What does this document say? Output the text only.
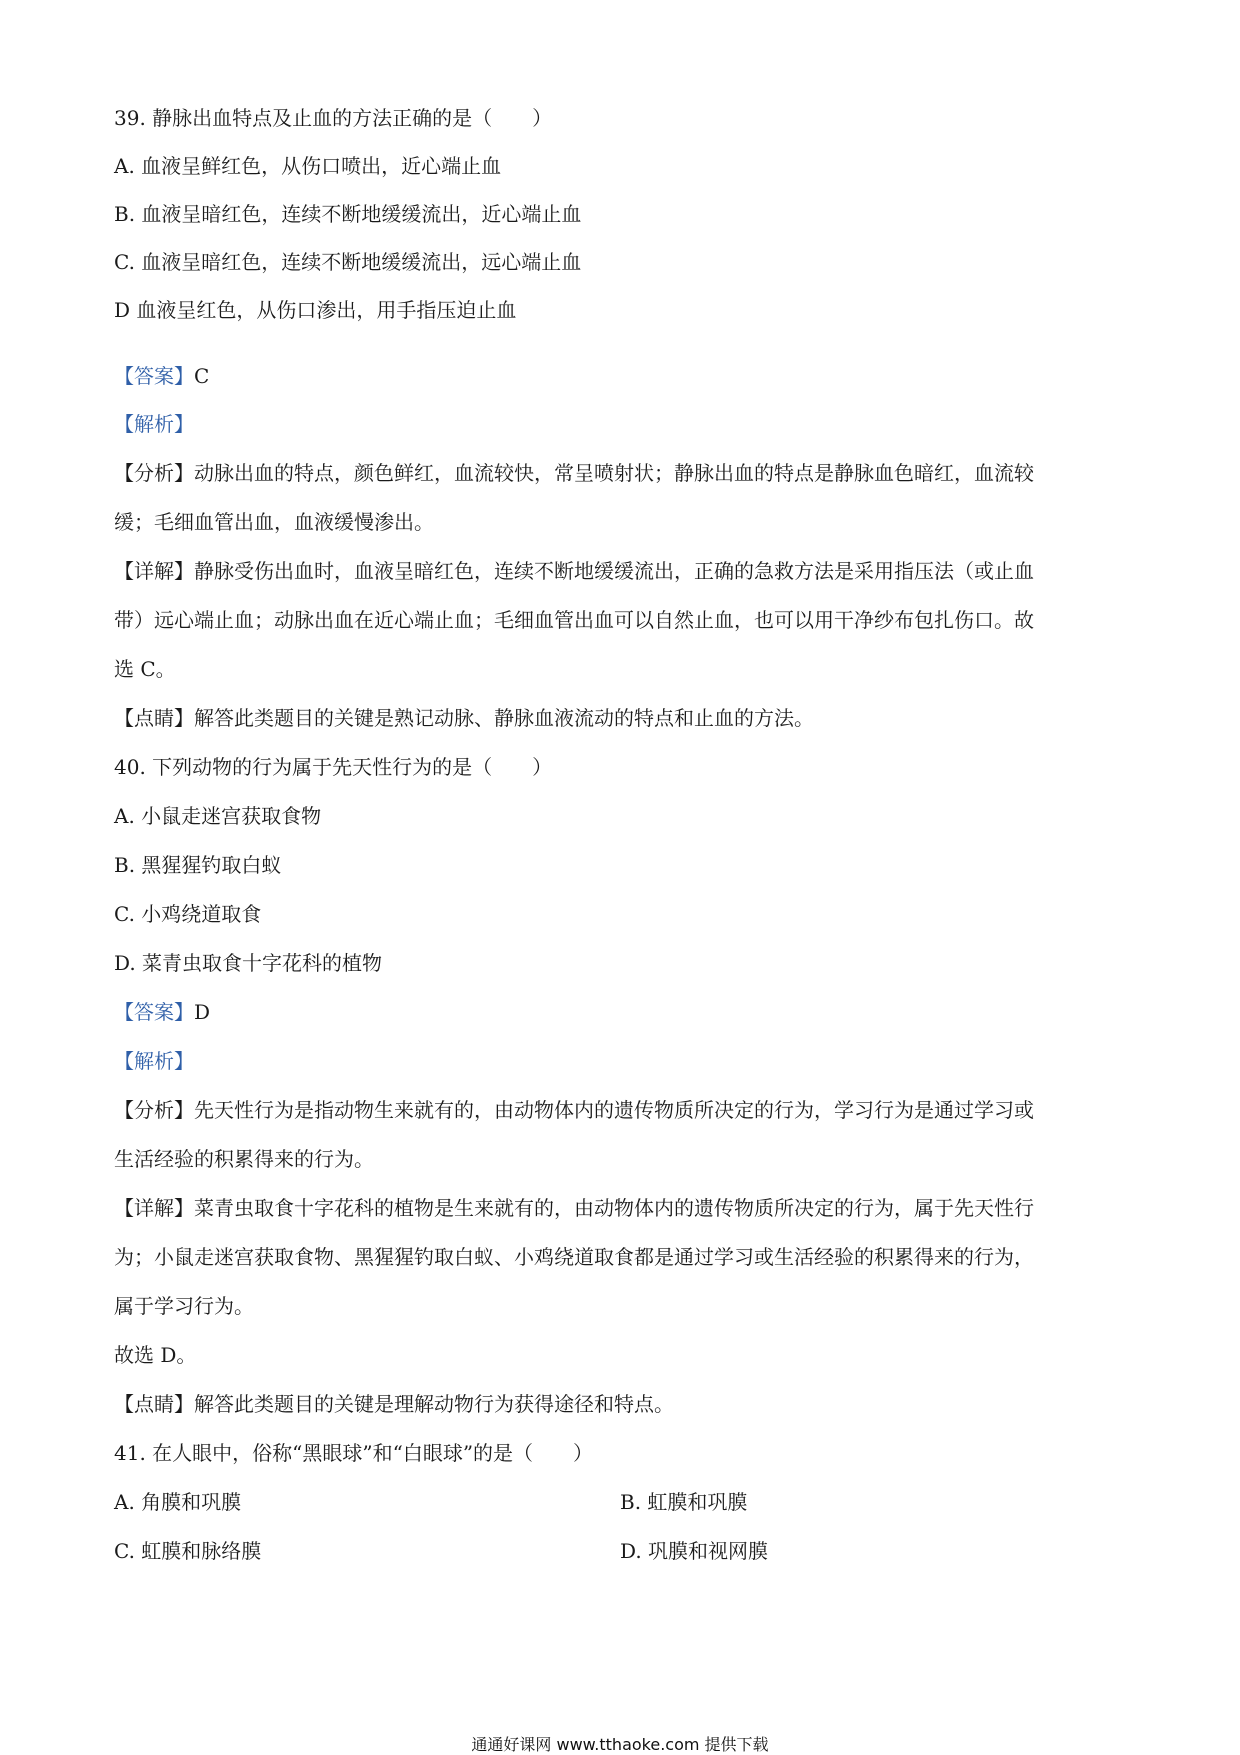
39. 静脉出血特点及止血的方法正确的是（　　）
A. 血液呈鲜红色，从伤口喷出，近心端止血
B. 血液呈暗红色，连续不断地缓缓流出，近心端止血
C. 血液呈暗红色，连续不断地缓缓流出，远心端止血
D 血液呈红色，从伤口渗出，用手指压迫止血
【答案】C
【解析】
【分析】动脉出血的特点，颜色鲜红，血流较快，常呈喷射状；静脉出血的特点是静脉血色暗红，血流较
缓；毛细血管出血，血液缓慢渗出。
【详解】静脉受伤出血时，血液呈暗红色，连续不断地缓缓流出，正确的急救方法是采用指压法（或止血
带）远心端止血；动脉出血在近心端止血；毛细血管出血可以自然止血，也可以用干净纱布包扎伤口。故
选 C。
【点睛】解答此类题目的关键是熟记动脉、静脉血液流动的特点和止血的方法。
40. 下列动物的行为属于先天性行为的是（　　）
A. 小鼠走迷宫获取食物
B. 黑猩猩钓取白蚁
C. 小鸡绕道取食
D. 菜青虫取食十字花科的植物
【答案】D
【解析】
【分析】先天性行为是指动物生来就有的，由动物体内的遗传物质所决定的行为，学习行为是通过学习或
生活经验的积累得来的行为。
【详解】菜青虫取食十字花科的植物是生来就有的，由动物体内的遗传物质所决定的行为，属于先天性行
为；小鼠走迷宫获取食物、黑猩猩钓取白蚁、小鸡绕道取食都是通过学习或生活经验的积累得来的行为，
属于学习行为。
故选 D。
【点睛】解答此类题目的关键是理解动物行为获得途径和特点。
41. 在人眼中，俗称“黑眼球”和“白眼球”的是（　　）
A. 角膜和巩膜	B. 虹膜和巩膜
C. 虹膜和脉络膜	D. 巩膜和视网膜
通通好课网 www.tthaoke.com 提供下载
